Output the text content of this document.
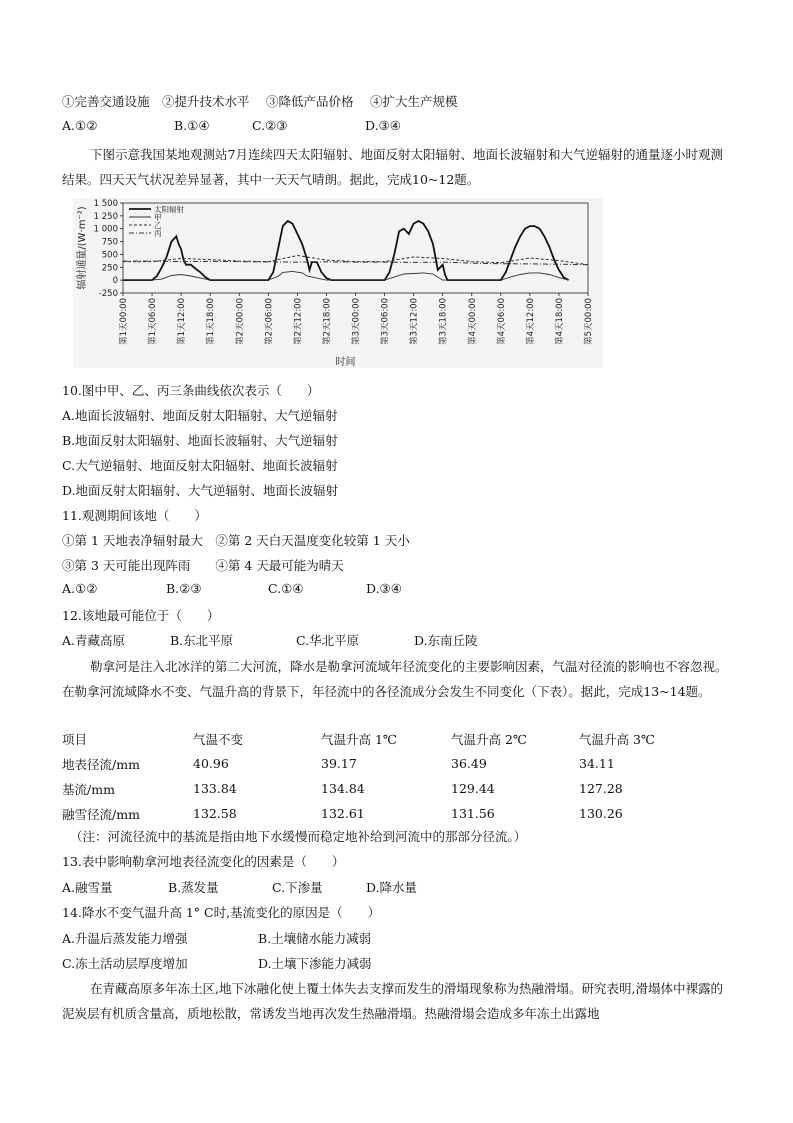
①完善交通设施　②提升技术水平　 ③降低产品价格　 ④扩大生产规模
A.①②	B.①④	C.②③	D.③④
下图示意我国某地观测站7月连续四天太阳辐射、地面反射太阳辐射、地面长波辐射和大气逆辐射的通量逐小时观测结果。四天天气状况差异显著，其中一天天气晴朗。据此，完成10~12题。
-250
0
250
500
750
1 000
1 250
1 500
辐射通量/(W·m⁻²)
第1天00:00 第1天06:00 第1天12:00 第1天18:00 第2天00:00 第2天06:00 第2天12:00 第2天18:00 第3天00:00 第3天06:00 第3天12:00 第3天18:00 第4天00:00 第4天06:00 第4天12:00 第4天18:00 第5天00:00
时间
太阳辐射
甲
乙
丙
10.图中甲、乙、丙三条曲线依次表示（　　）
A.地面长波辐射、地面反射太阳辐射、大气逆辐射
B.地面反射太阳辐射、地面长波辐射、大气逆辐射
C.大气逆辐射、地面反射太阳辐射、地面长波辐射
D.地面反射太阳辐射、大气逆辐射、地面长波辐射
11.观测期间该地（　　）
①第 1 天地表净辐射最大　②第 2 天白天温度变化较第 1 天小
③第 3 天可能出现阵雨　　④第 4 天最可能为晴天
A.①②	B.②③	C.①④	D.③④
12.该地最可能位于（　　）
A.青藏高原	B.东北平原	C.华北平原	D.东南丘陵
勒拿河是注入北冰洋的第二大河流，降水是勒拿河流域年径流变化的主要影响因素，气温对径流的影响也不容忽视。在勒拿河流域降水不变、气温升高的背景下，年径流中的各径流成分会发生不同变化（下表）。据此，完成13~14题。
项目	气温不变	气温升高 1℃	气温升高 2℃	气温升高 3℃
地表径流/mm	40.96	39.17	36.49	34.11
基流/mm	133.84	134.84	129.44	127.28
融雪径流/mm	132.58	132.61	131.56	130.26
（注：河流径流中的基流是指由地下水缓慢而稳定地补给到河流中的那部分径流。）
13.表中影响勒拿河地表径流变化的因素是（　　）
A.融雪量	B.蒸发量	C.下渗量	D.降水量
14.降水不变气温升高 1° C时,基流变化的原因是（　　）
A.升温后蒸发能力增强	B.土壤储水能力减弱
C.冻土活动层厚度增加	D.土壤下渗能力减弱
在青藏高原多年冻土区,地下冰融化使上覆土体失去支撑而发生的滑塌现象称为热融滑塌。研究表明,滑塌体中裸露的泥炭层有机质含量高，质地松散，常诱发当地再次发生热融滑塌。热融滑塌会造成多年冻土出露地
